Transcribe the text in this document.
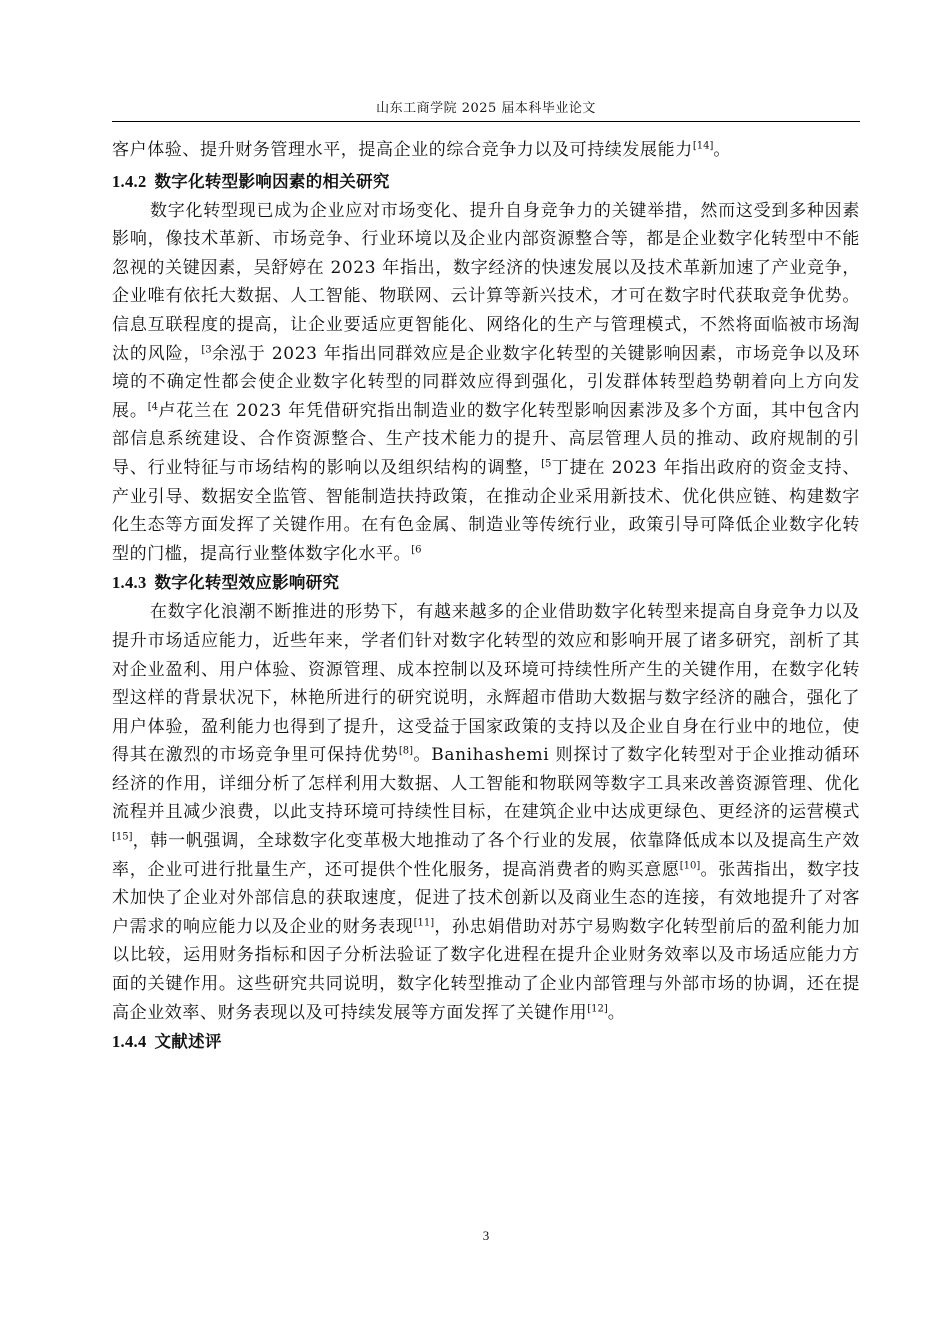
山东工商学院 2025 届本科毕业论文

客户体验、提升财务管理水平，提高企业的综合竞争力以及可持续发展能力[14]。

1.4.2 数字化转型影响因素的相关研究

数字化转型现已成为企业应对市场变化、提升自身竞争力的关键举措，然而这受到多种因素影响，像技术革新、市场竞争、行业环境以及企业内部资源整合等，都是企业数字化转型中不能忽视的关键因素，吴舒婷在 2023 年指出，数字经济的快速发展以及技术革新加速了产业竞争，企业唯有依托大数据、人工智能、物联网、云计算等新兴技术，才可在数字时代获取竞争优势。信息互联程度的提高，让企业要适应更智能化、网络化的生产与管理模式，不然将面临被市场淘汰的风险，$^{[3}$余泓于 2023 年指出同群效应是企业数字化转型的关键影响因素，市场竞争以及环境的不确定性都会使企业数字化转型的同群效应得到强化，引发群体转型趋势朝着向上方向发展。$^{[4}$卢花兰在 2023 年凭借研究指出制造业的数字化转型影响因素涉及多个方面，其中包含内部信息系统建设、合作资源整合、生产技术能力的提升、高层管理人员的推动、政府规制的引导、行业特征与市场结构的影响以及组织结构的调整，$^{[5}$丁捷在 2023 年指出政府的资金支持、产业引导、数据安全监管、智能制造扶持政策，在推动企业采用新技术、优化供应链、构建数字化生态等方面发挥了关键作用。在有色金属、制造业等传统行业，政策引导可降低企业数字化转型的门槛，提高行业整体数字化水平。$^{[6}$

1.4.3 数字化转型效应影响研究

在数字化浪潮不断推进的形势下，有越来越多的企业借助数字化转型来提高自身竞争力以及提升市场适应能力，近些年来，学者们针对数字化转型的效应和影响开展了诸多研究，剖析了其对企业盈利、用户体验、资源管理、成本控制以及环境可持续性所产生的关键作用，在数字化转型这样的背景状况下，林艳所进行的研究说明，永辉超市借助大数据与数字经济的融合，强化了用户体验，盈利能力也得到了提升，这受益于国家政策的支持以及企业自身在行业中的地位，使得其在激烈的市场竞争里可保持优势[8]。Banihashemi 则探讨了数字化转型对于企业推动循环经济的作用，详细分析了怎样利用大数据、人工智能和物联网等数字工具来改善资源管理、优化流程并且减少浪费，以此支持环境可持续性目标，在建筑企业中达成更绿色、更经济的运营模式[15]，韩一帆强调，全球数字化变革极大地推动了各个行业的发展，依靠降低成本以及提高生产效率，企业可进行批量生产，还可提供个性化服务，提高消费者的购买意愿[10]。张茜指出，数字技术加快了企业对外部信息的获取速度，促进了技术创新以及商业生态的连接，有效地提升了对客户需求的响应能力以及企业的财务表现[11]，孙忠娟借助对苏宁易购数字化转型前后的盈利能力加以比较，运用财务指标和因子分析法验证了数字化进程在提升企业财务效率以及市场适应能力方面的关键作用。这些研究共同说明，数字化转型推动了企业内部管理与外部市场的协调，还在提高企业效率、财务表现以及可持续发展等方面发挥了关键作用[12]。

1.4.4 文献述评
3
